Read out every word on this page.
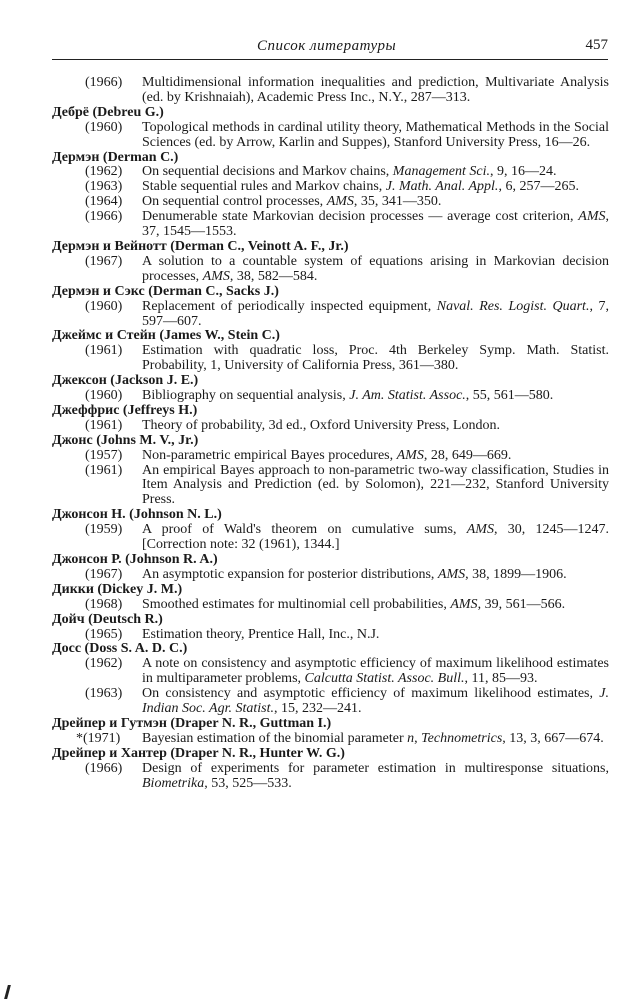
Список литературы	457
(1966) Multidimensional information inequalities and prediction, Multivariate Analysis (ed. by Krishnaiah), Academic Press Inc., N.Y., 287—313.
Дебрё (Debreu G.)
(1960) Topological methods in cardinal utility theory, Mathematical Methods in the Social Sciences (ed. by Arrow, Karlin and Suppes), Stanford University Press, 16—26.
Дермэн (Derman C.)
(1962) On sequential decisions and Markov chains, Management Sci., 9, 16—24.
(1963) Stable sequential rules and Markov chains, J. Math. Anal. Appl., 6, 257—265.
(1964) On sequential control processes, AMS, 35, 341—350.
(1966) Denumerable state Markovian decision processes — average cost criterion, AMS, 37, 1545—1553.
Дермэн и Вейнотт (Derman C., Veinott A. F., Jr.)
(1967) A solution to a countable system of equations arising in Markovian decision processes, AMS, 38, 582—584.
Дермэн и Сэкс (Derman C., Sacks J.)
(1960) Replacement of periodically inspected equipment, Naval. Res. Logist. Quart., 7, 597—607.
Джеймс и Стейн (James W., Stein C.)
(1961) Estimation with quadratic loss, Proc. 4th Berkeley Symp. Math. Statist. Probability, 1, University of California Press, 361—380.
Джексон (Jackson J. E.)
(1960) Bibliography on sequential analysis, J. Am. Statist. Assoc., 55, 561—580.
Джеффрис (Jeffreys H.)
(1961) Theory of probability, 3d ed., Oxford University Press, London.
Джонс (Johns M. V., Jr.)
(1957) Non-parametric empirical Bayes procedures, AMS, 28, 649—669.
(1961) An empirical Bayes approach to non-parametric two-way classification, Studies in Item Analysis and Prediction (ed. by Solomon), 221—232, Stanford University Press.
Джонсон Н. (Johnson N. L.)
(1959) A proof of Wald's theorem on cumulative sums, AMS, 30, 1245—1247. [Correction note: 32 (1961), 1344.]
Джонсон Р. (Johnson R. A.)
(1967) An asymptotic expansion for posterior distributions, AMS, 38, 1899—1906.
Дикки (Dickey J. M.)
(1968) Smoothed estimates for multinomial cell probabilities, AMS, 39, 561—566.
Дойч (Deutsch R.)
(1965) Estimation theory, Prentice Hall, Inc., N.J.
Досс (Doss S. A. D. C.)
(1962) A note on consistency and asymptotic efficiency of maximum likelihood estimates in multiparameter problems, Calcutta Statist. Assoc. Bull., 11, 85—93.
(1963) On consistency and asymptotic efficiency of maximum likelihood estimates, J. Indian Soc. Agr. Statist., 15, 232—241.
Дрейпер и Гутмэн (Draper N. R., Guttman I.)
*(1971) Bayesian estimation of the binomial parameter n, Technometrics, 13, 3, 667—674.
Дрейпер и Хантер (Draper N. R., Hunter W. G.)
(1966) Design of experiments for parameter estimation in multiresponse situations, Biometrika, 53, 525—533.
